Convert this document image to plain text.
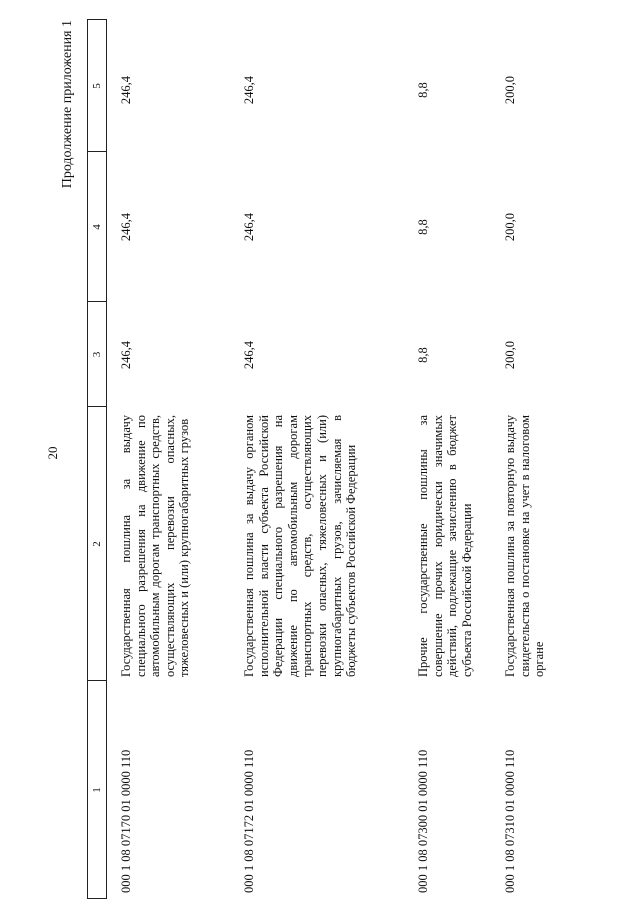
20
Продолжение приложения 1
1
2
3
4
5
000 1 08 07170 01 0000 110
Государственная пошлина за выдачу специального разрешения на движение по автомобильным дорогам транспортных средств, осуществляющих перевозки опасных, тяжеловесных и (или) крупногабаритных грузов
246,4
246,4
246,4
000 1 08 07172 01 0000 110
Государственная пошлина за выдачу органом исполнительной власти субъекта Российской Федерации специального разрешения на движение по автомобильным дорогам транспортных средств, осуществляющих перевозки опасных, тяжеловесных и (или) крупногабаритных грузов, зачисляемая в бюджеты субъектов Российской Федерации
246,4
246,4
246,4
000 1 08 07300 01 0000 110
Прочие государственные пошлины за совершение прочих юридически значимых действий, подлежащие зачислению в бюджет субъекта Российской Федерации
8,8
8,8
8,8
000 1 08 07310 01 0000 110
Государственная пошлина за повторную выдачу свидетельства о постановке на учет в налоговом органе
200,0
200,0
200,0
